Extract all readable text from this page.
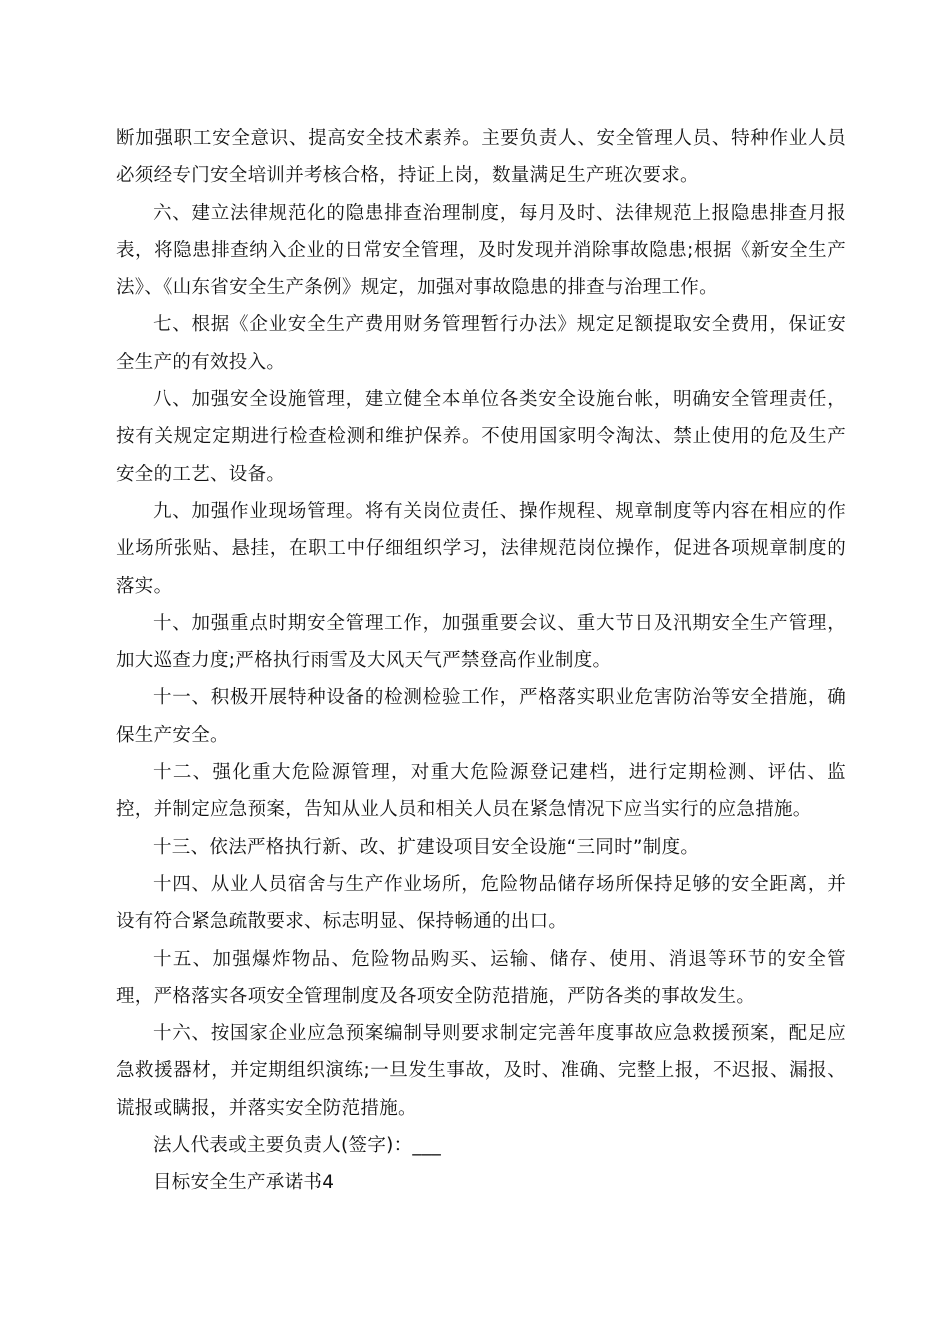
断加强职工安全意识、提高安全技术素养。主要负责人、安全管理人员、特种作业人员必须经专门安全培训并考核合格，持证上岗，数量满足生产班次要求。

六、建立法律规范化的隐患排查治理制度，每月及时、法律规范上报隐患排查月报表，将隐患排查纳入企业的日常安全管理，及时发现并消除事故隐患;根据《新安全生产法》、《山东省安全生产条例》规定，加强对事故隐患的排查与治理工作。

七、根据《企业安全生产费用财务管理暂行办法》规定足额提取安全费用，保证安全生产的有效投入。

八、加强安全设施管理，建立健全本单位各类安全设施台帐，明确安全管理责任，按有关规定定期进行检查检测和维护保养。不使用国家明令淘汰、禁止使用的危及生产安全的工艺、设备。

九、加强作业现场管理。将有关岗位责任、操作规程、规章制度等内容在相应的作业场所张贴、悬挂，在职工中仔细组织学习，法律规范岗位操作，促进各项规章制度的落实。

十、加强重点时期安全管理工作，加强重要会议、重大节日及汛期安全生产管理，加大巡查力度;严格执行雨雪及大风天气严禁登高作业制度。

十一、积极开展特种设备的检测检验工作，严格落实职业危害防治等安全措施，确保生产安全。

十二、强化重大危险源管理，对重大危险源登记建档，进行定期检测、评估、监控，并制定应急预案，告知从业人员和相关人员在紧急情况下应当实行的应急措施。

十三、依法严格执行新、改、扩建设项目安全设施“三同时”制度。

十四、从业人员宿舍与生产作业场所，危险物品储存场所保持足够的安全距离，并设有符合紧急疏散要求、标志明显、保持畅通的出口。

十五、加强爆炸物品、危险物品购买、运输、储存、使用、消退等环节的安全管理，严格落实各项安全管理制度及各项安全防范措施，严防各类的事故发生。

十六、按国家企业应急预案编制导则要求制定完善年度事故应急救援预案，配足应急救援器材，并定期组织演练;一旦发生事故，及时、准确、完整上报，不迟报、漏报、谎报或瞒报，并落实安全防范措施。

法人代表或主要负责人(签字)：___

目标安全生产承诺书4
